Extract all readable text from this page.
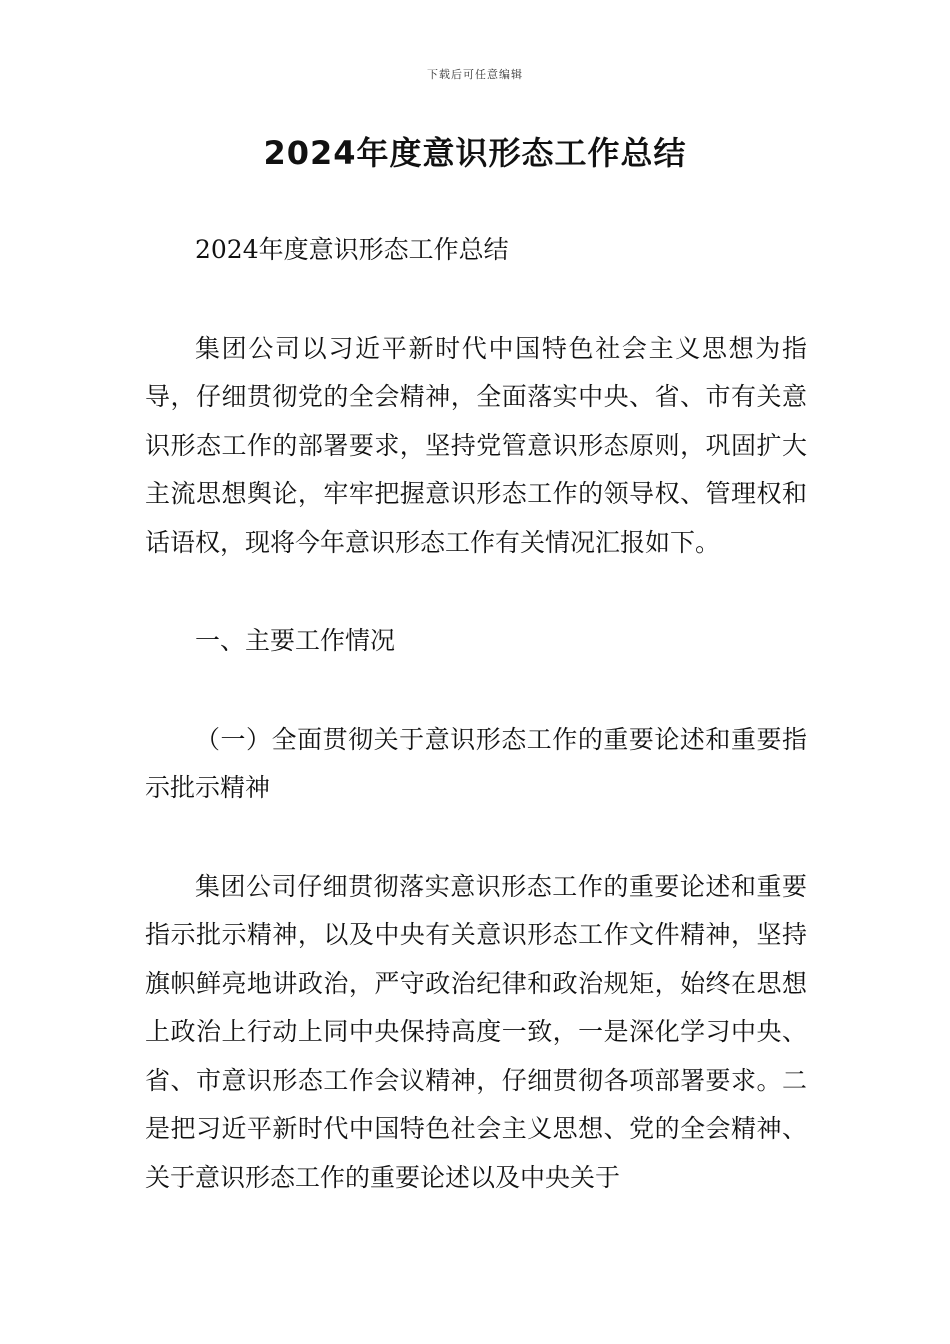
下载后可任意编辑
2024年度意识形态工作总结

2024年度意识形态工作总结

集团公司以习近平新时代中国特色社会主义思想为指导，仔细贯彻党的全会精神，全面落实中央、省、市有关意识形态工作的部署要求，坚持党管意识形态原则，巩固扩大主流思想舆论，牢牢把握意识形态工作的领导权、管理权和话语权，现将今年意识形态工作有关情况汇报如下。

一、主要工作情况

（一）全面贯彻关于意识形态工作的重要论述和重要指示批示精神

集团公司仔细贯彻落实意识形态工作的重要论述和重要指示批示精神，以及中央有关意识形态工作文件精神，坚持旗帜鲜亮地讲政治，严守政治纪律和政治规矩，始终在思想上政治上行动上同中央保持高度一致，一是深化学习中央、省、市意识形态工作会议精神，仔细贯彻各项部署要求。二是把习近平新时代中国特色社会主义思想、党的全会精神、关于意识形态工作的重要论述以及中央关于
